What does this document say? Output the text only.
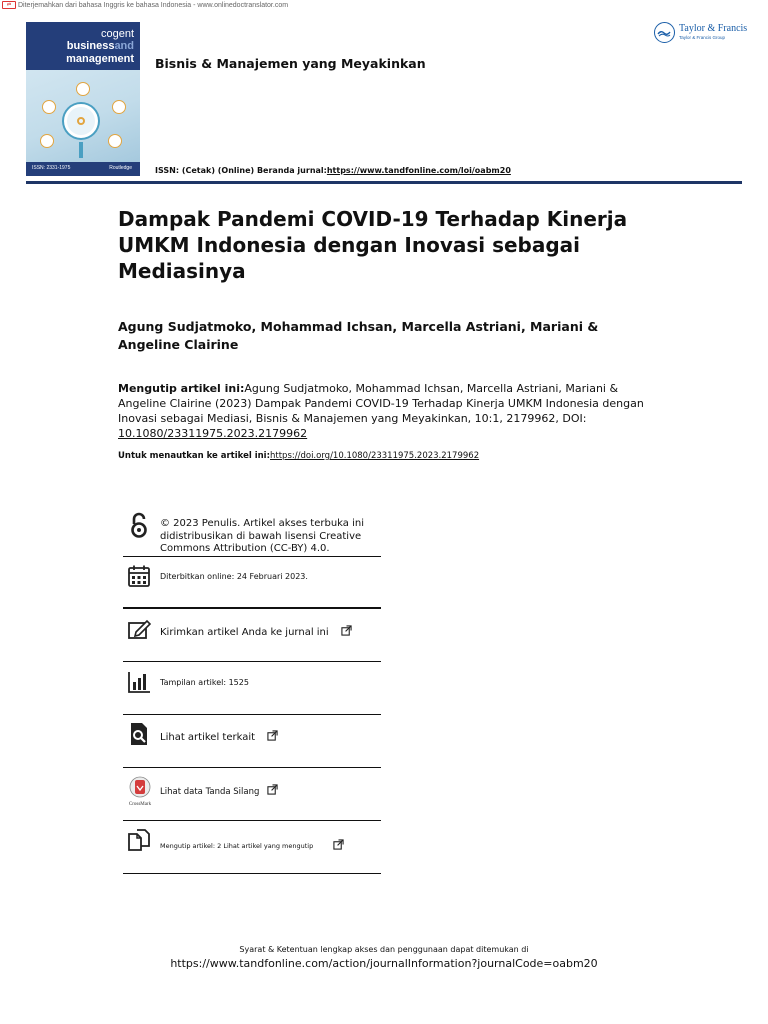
⇄ Diterjemahkan dari bahasa Inggris ke bahasa Indonesia - www.onlinedoctranslator.com
cogent
businessand
management
ISSN: 2331-1975	Routledge
Bisnis & Manajemen yang Meyakinkan
ISSN: (Cetak) (Online) Beranda jurnal:https://www.tandfonline.com/loi/oabm20
Taylor & Francis
Taylor & Francis Group
Dampak Pandemi COVID-19 Terhadap Kinerja UMKM Indonesia dengan Inovasi sebagai Mediasinya
Agung Sudjatmoko, Mohammad Ichsan, Marcella Astriani, Mariani & Angeline Clairine
Mengutip artikel ini:Agung Sudjatmoko, Mohammad Ichsan, Marcella Astriani, Mariani & Angeline Clairine (2023) Dampak Pandemi COVID-19 Terhadap Kinerja UMKM Indonesia dengan Inovasi sebagai Mediasi, Bisnis & Manajemen yang Meyakinkan, 10:1, 2179962, DOI: 10.1080/23311975.2023.2179962
Untuk menautkan ke artikel ini:https://doi.org/10.1080/23311975.2023.2179962
© 2023 Penulis. Artikel akses terbuka ini didistribusikan di bawah lisensi Creative Commons Attribution (CC-BY) 4.0.
Diterbitkan online: 24 Februari 2023.
Kirimkan artikel Anda ke jurnal ini
Tampilan artikel: 1525
Lihat artikel terkait
CrossMark
Lihat data Tanda Silang
Mengutip artikel: 2 Lihat artikel yang mengutip
Syarat & Ketentuan lengkap akses dan penggunaan dapat ditemukan di
https://www.tandfonline.com/action/journalInformation?journalCode=oabm20
